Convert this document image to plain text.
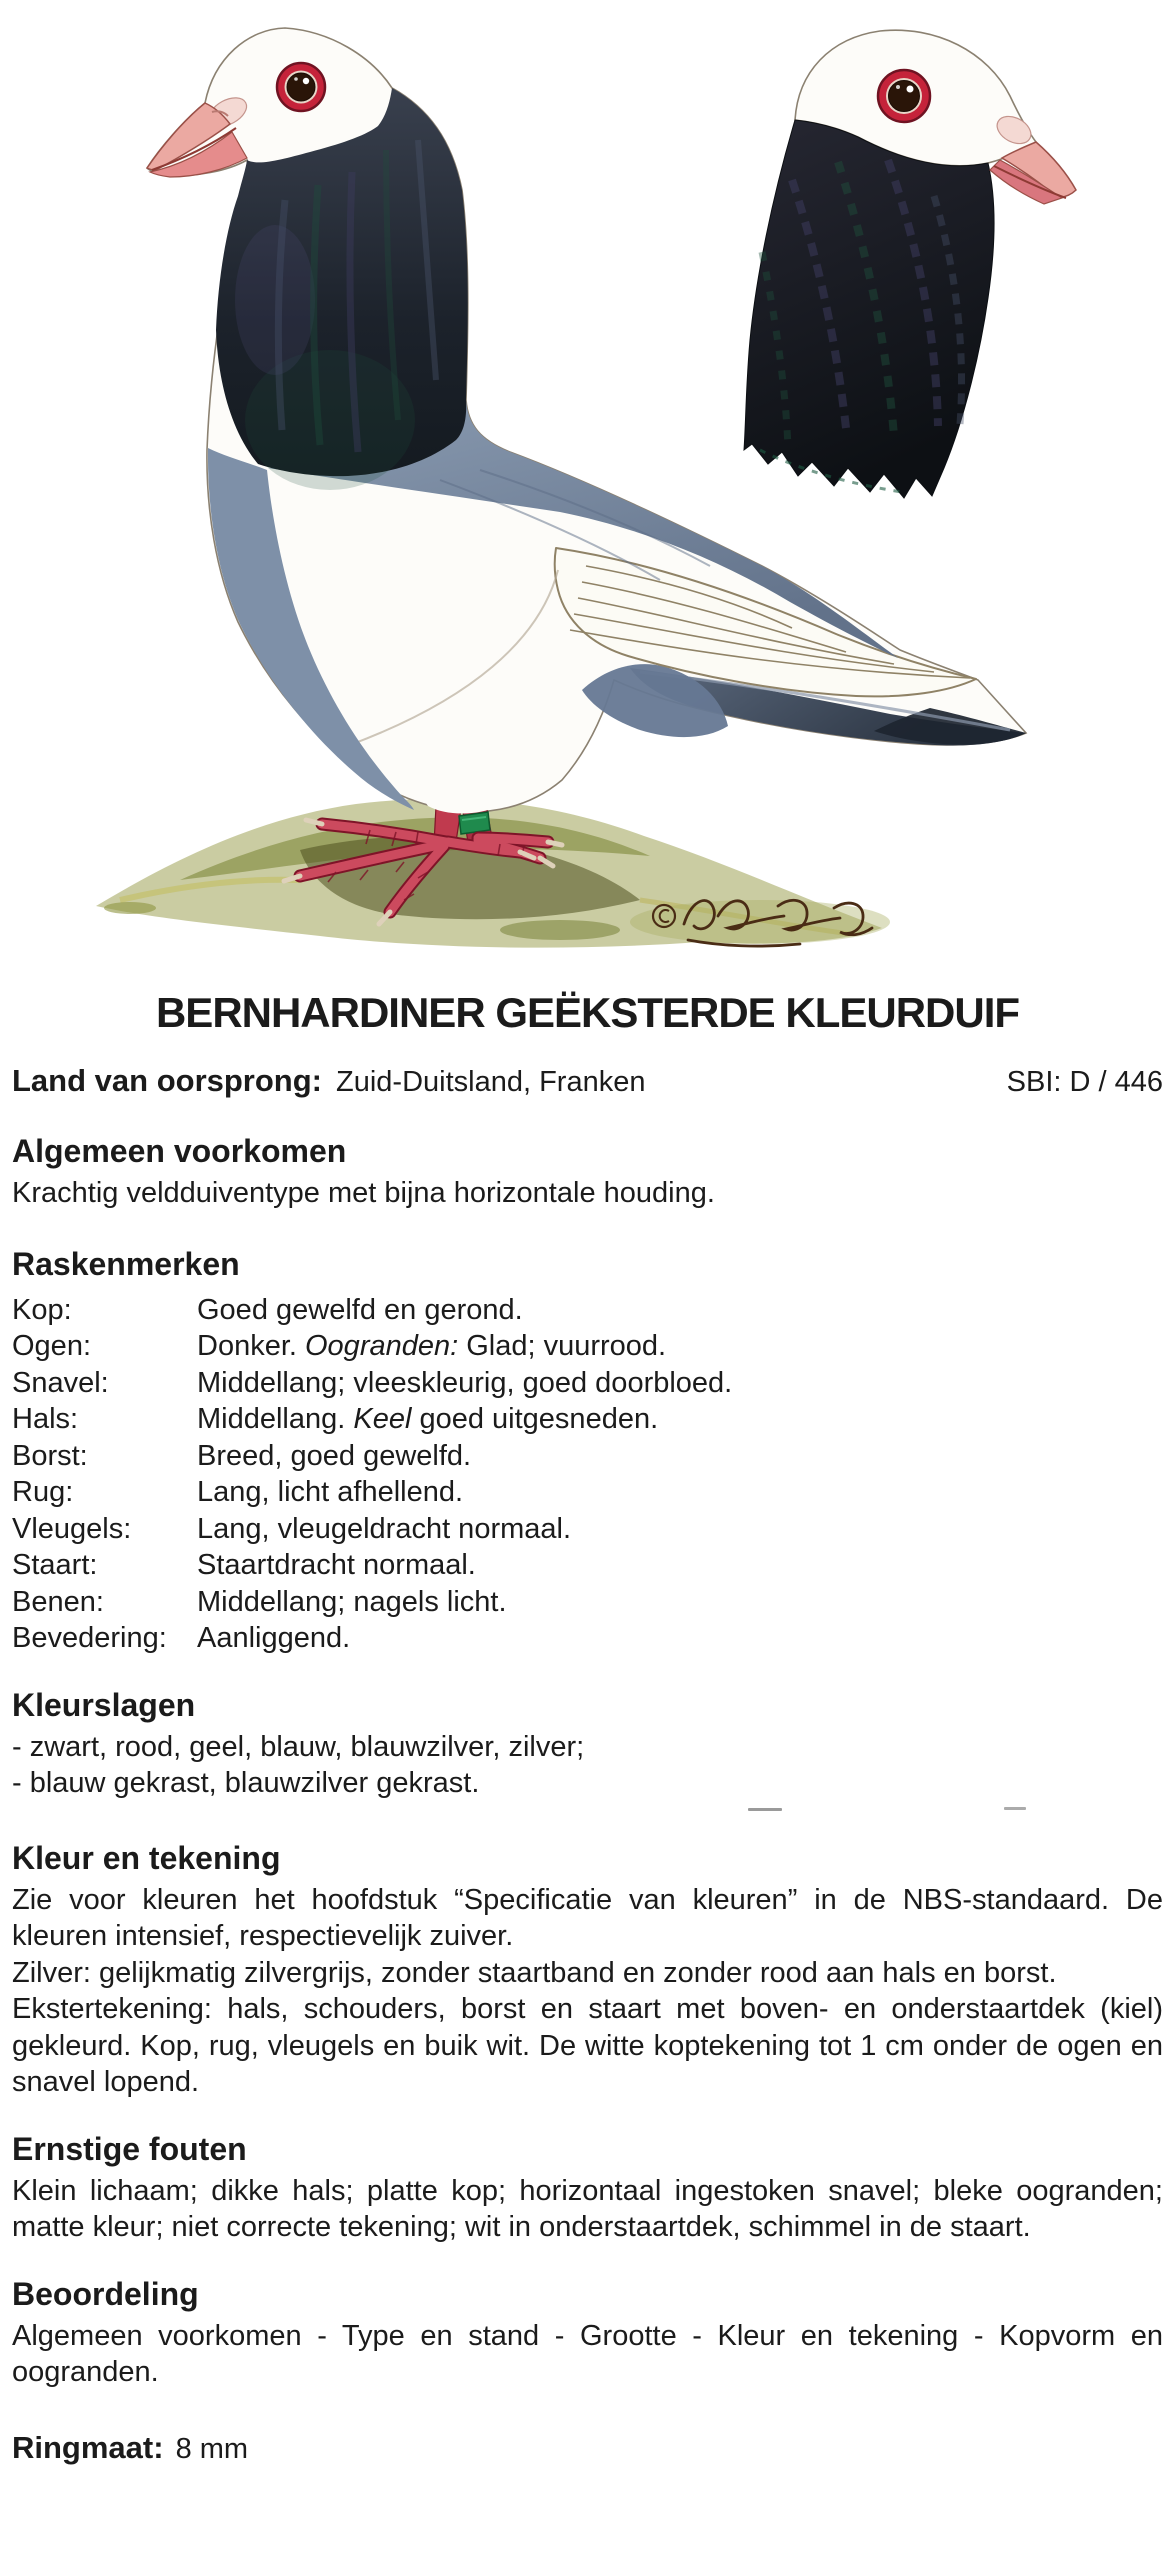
©
BERNHARDINER GEËKSTERDE KLEURDUIF
Land van oorsprong: Zuid-Duitsland, Franken	SBI: D / 446
Algemeen voorkomen

Krachtig veldduiventype met bijna horizontale houding.

Raskenmerken
Kop:	Goed gewelfd en gerond.
Ogen:	Donker. Oogranden: Glad; vuurrood.
Snavel:	Middellang; vleeskleurig, goed doorbloed.
Hals:	Middellang. Keel goed uitgesneden.
Borst:	Breed, goed gewelfd.
Rug:	Lang, licht afhellend.
Vleugels:	Lang, vleugeldracht normaal.
Staart:	Staartdracht normaal.
Benen:	Middellang; nagels licht.
Bevedering:	Aanliggend.
Kleurslagen

- zwart, rood, geel, blauw, blauwzilver, zilver;

- blauw gekrast, blauwzilver gekrast.

Kleur en tekening

Zie voor kleuren het hoofdstuk “Specificatie van kleuren” in de NBS-standaard. De kleuren intensief, respectievelijk zuiver.

Zilver: gelijkmatig zilvergrijs, zonder staartband en zonder rood aan hals en borst.

Ekstertekening: hals, schouders, borst en staart met boven- en onderstaartdek (kiel) gekleurd. Kop, rug, vleugels en buik wit. De witte koptekening tot 1 cm onder de ogen en snavel lopend.

Ernstige fouten

Klein lichaam; dikke hals; platte kop; horizontaal ingestoken snavel; bleke oogranden; matte kleur; niet correcte tekening; wit in onderstaartdek, schimmel in de staart.

Beoordeling

Algemeen voorkomen - Type en stand - Grootte - Kleur en tekening - Kopvorm en oogranden.

Ringmaat: 8 mm
